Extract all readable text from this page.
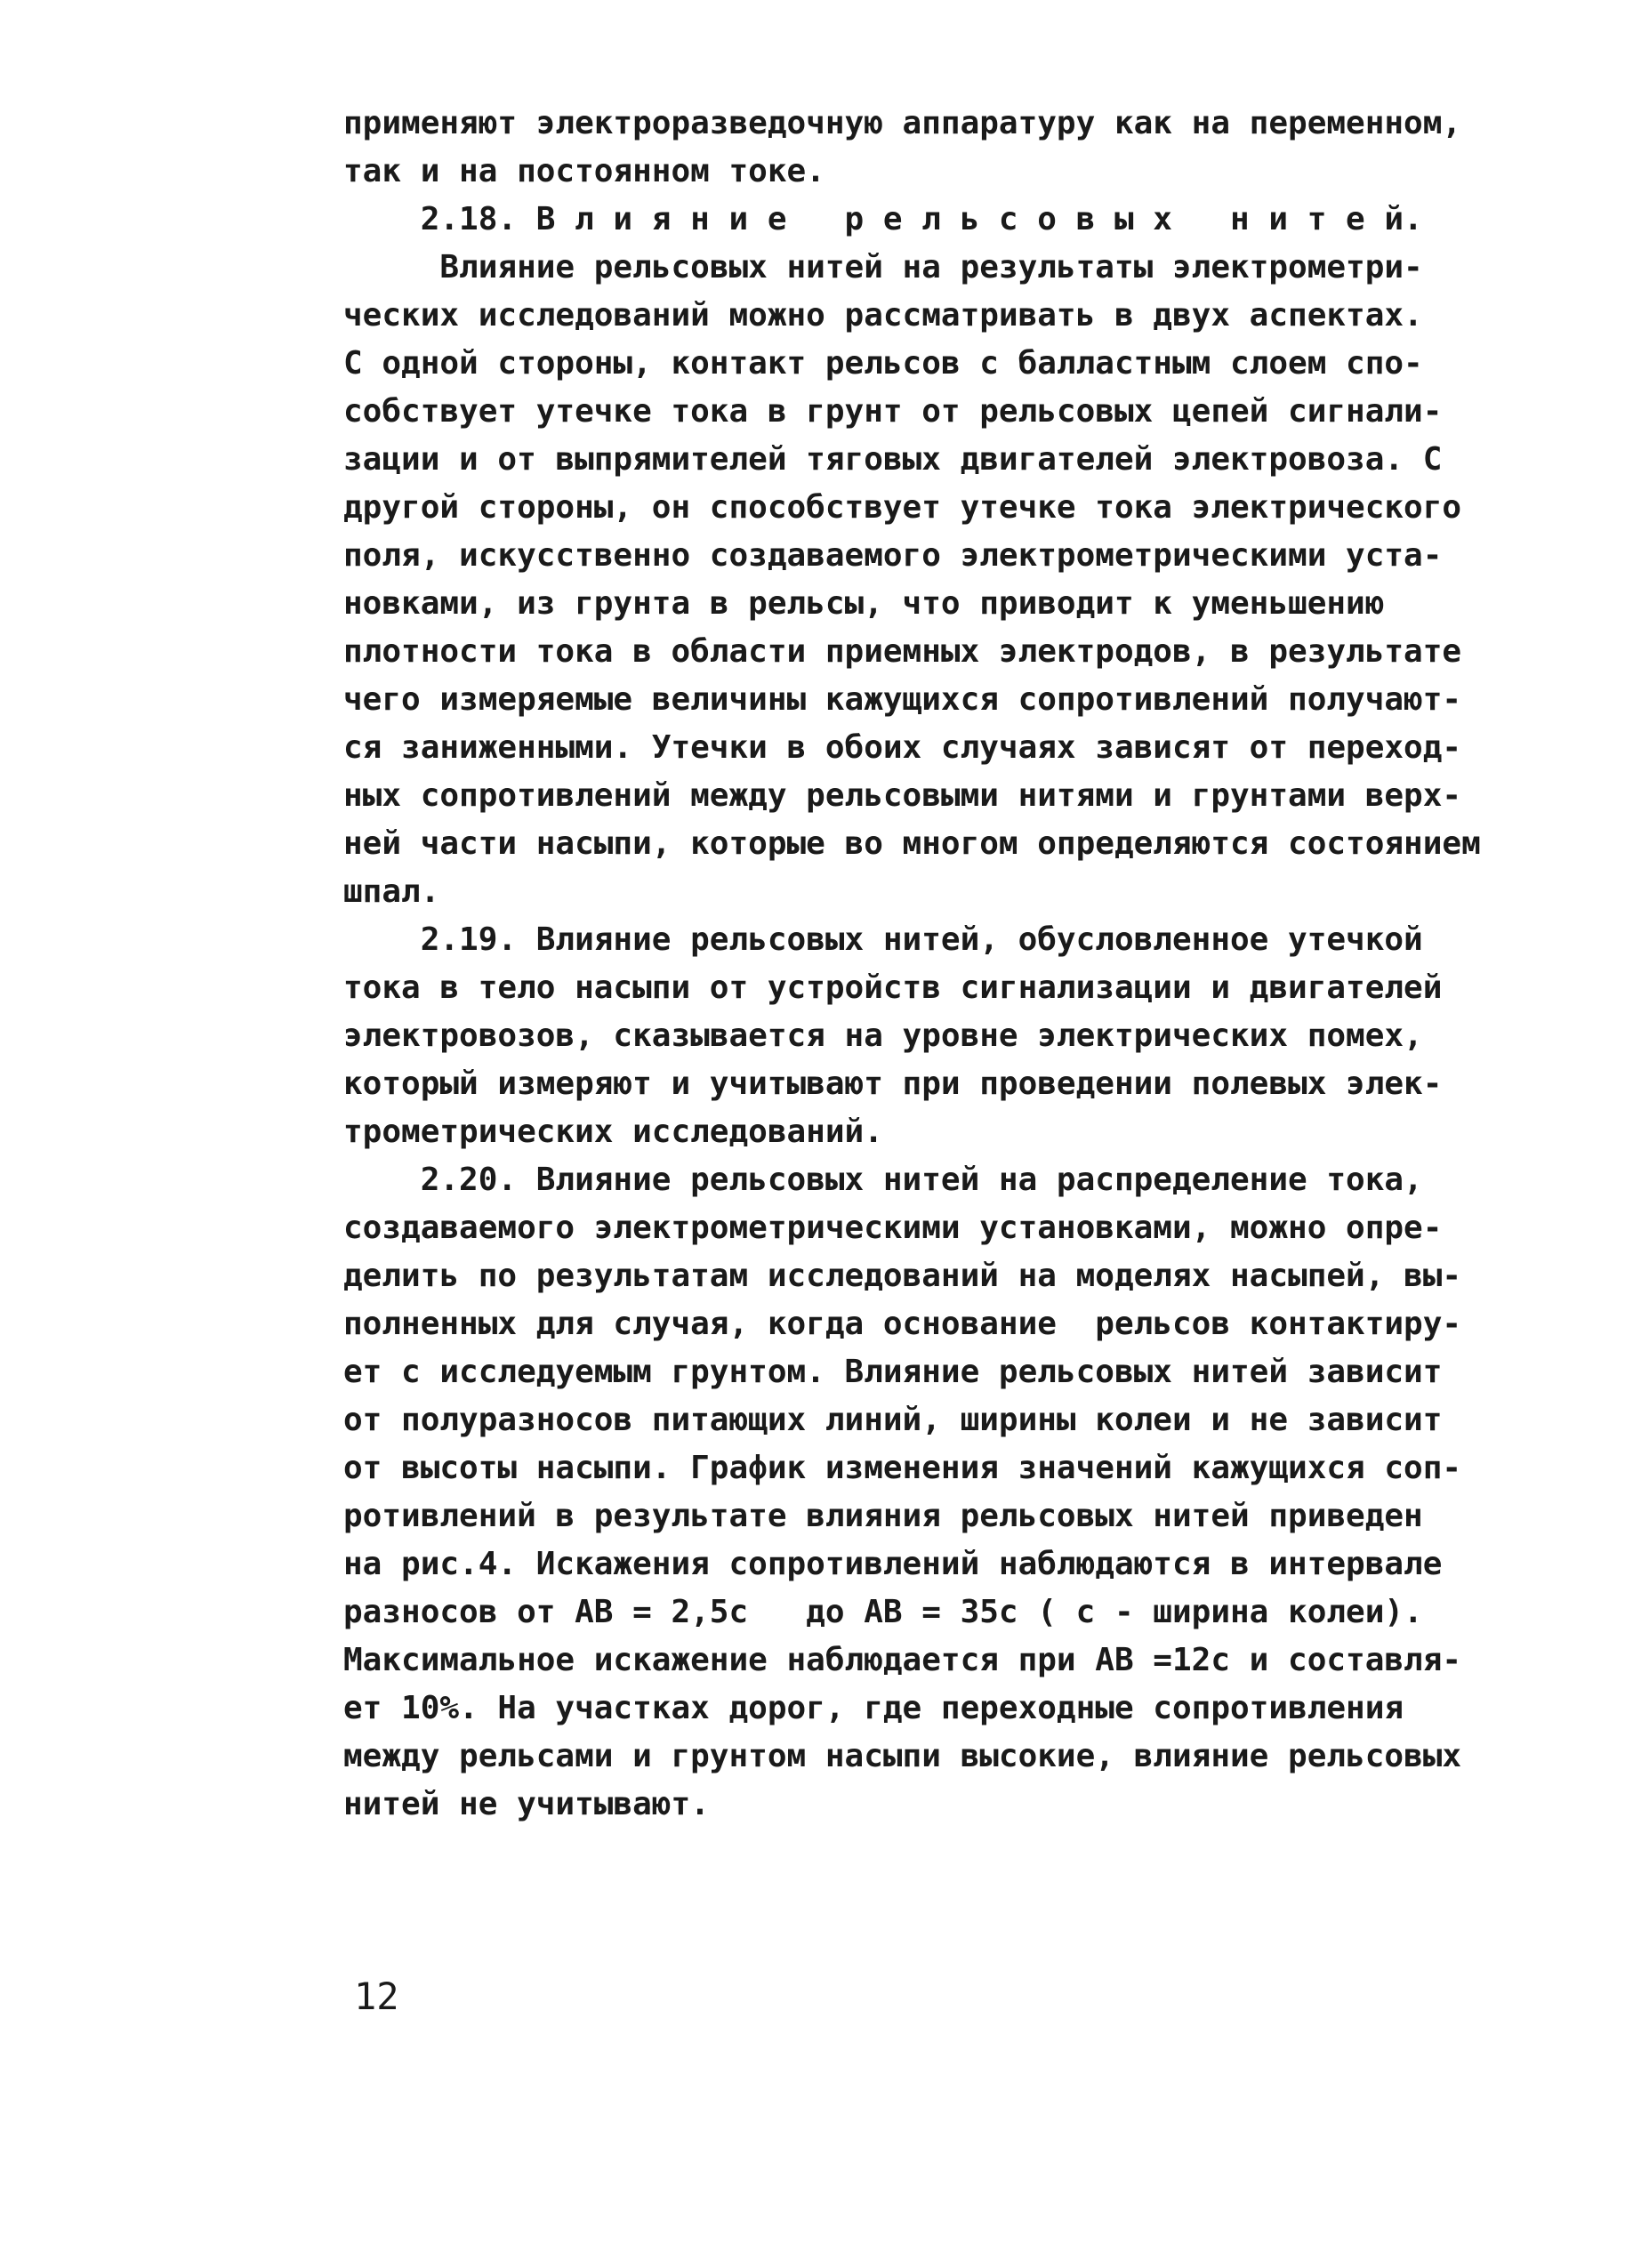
применяют электроразведочную аппаратуру как на переменном,
так и на постоянном токе.
2.18. В л и я н и е   р е л ь с о в ы х   н и т е й.
Влияние рельсовых нитей на результаты электрометри-
ческих исследований можно рассматривать в двух аспектах.
С одной стороны, контакт рельсов с балластным слоем спо-
собствует утечке тока в грунт от рельсовых цепей сигнали-
зации и от выпрямителей тяговых двигателей электровоза. С
другой стороны, он способствует утечке тока электрического
поля, искусственно создаваемого электрометрическими уста-
новками, из грунта в рельсы, что приводит к уменьшению
плотности тока в области приемных электродов, в результате
чего измеряемые величины кажущихся сопротивлений получают-
ся заниженными. Утечки в обоих случаях зависят от переход-
ных сопротивлений между рельсовыми нитями и грунтами верх-
ней части насыпи, которые во многом определяются состоянием
шпал.
2.19. Влияние рельсовых нитей, обусловленное утечкой
тока в тело насыпи от устройств сигнализации и двигателей
электровозов, сказывается на уровне электрических помех,
который измеряют и учитывают при проведении полевых элек-
трометрических исследований.
2.20. Влияние рельсовых нитей на распределение тока,
создаваемого электрометрическими установками, можно опре-
делить по результатам исследований на моделях насыпей, вы-
полненных для случая, когда основание  рельсов контактиру-
ет с исследуемым грунтом. Влияние рельсовых нитей зависит
от полуразносов питающих линий, ширины колеи и не зависит
от высоты насыпи. График изменения значений кажущихся соп-
ротивлений в результате влияния рельсовых нитей приведен
на рис.4. Искажения сопротивлений наблюдаются в интервале
разносов от АВ = 2,5с   до АВ = 35с ( с - ширина колеи).
Максимальное искажение наблюдается при АВ =12с и составля-
ет 10%. На участках дорог, где переходные сопротивления
между рельсами и грунтом насыпи высокие, влияние рельсовых
нитей не учитывают.
12
